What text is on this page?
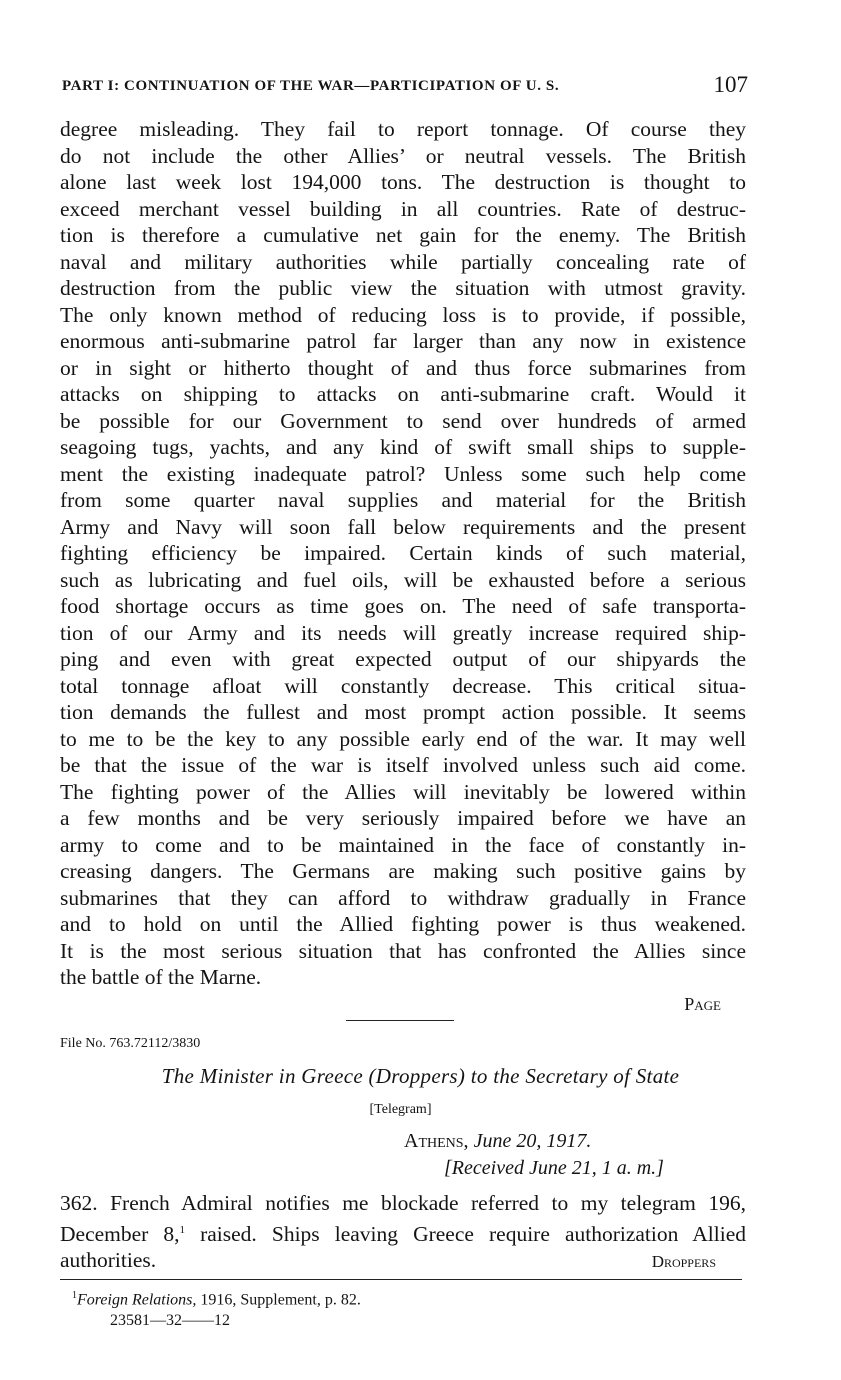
PART I: CONTINUATION OF THE WAR—PARTICIPATION OF U. S.	107
degree misleading. They fail to report tonnage. Of course they
do not include the other Allies’ or neutral vessels. The British
alone last week lost 194,000 tons. The destruction is thought to
exceed merchant vessel building in all countries. Rate of destruc-
tion is therefore a cumulative net gain for the enemy. The British
naval and military authorities while partially concealing rate of
destruction from the public view the situation with utmost gravity.
The only known method of reducing loss is to provide, if possible,
enormous anti-submarine patrol far larger than any now in existence
or in sight or hitherto thought of and thus force submarines from
attacks on shipping to attacks on anti-submarine craft. Would it
be possible for our Government to send over hundreds of armed
seagoing tugs, yachts, and any kind of swift small ships to supple-
ment the existing inadequate patrol? Unless some such help come
from some quarter naval supplies and material for the British
Army and Navy will soon fall below requirements and the present
fighting efficiency be impaired. Certain kinds of such material,
such as lubricating and fuel oils, will be exhausted before a serious
food shortage occurs as time goes on. The need of safe transporta-
tion of our Army and its needs will greatly increase required ship-
ping and even with great expected output of our shipyards the
total tonnage afloat will constantly decrease. This critical situa-
tion demands the fullest and most prompt action possible. It seems
to me to be the key to any possible early end of the war. It may well
be that the issue of the war is itself involved unless such aid come.
The fighting power of the Allies will inevitably be lowered within
a few months and be very seriously impaired before we have an
army to come and to be maintained in the face of constantly in-
creasing dangers. The Germans are making such positive gains by
submarines that they can afford to withdraw gradually in France
and to hold on until the Allied fighting power is thus weakened.
It is the most serious situation that has confronted the Allies since
the battle of the Marne.
Page
File No. 763.72112/3830
The Minister in Greece (Droppers) to the Secretary of State
[Telegram]
Athens, June 20, 1917.
[Received June 21, 1 a. m.]
362. French Admiral notifies me blockade referred to my telegram 196, December 8,$^1$ raised. Ships leaving Greece require authorization Allied authorities.	Droppers
$^1$Foreign Relations, 1916, Supplement, p. 82.
23581—32——12
